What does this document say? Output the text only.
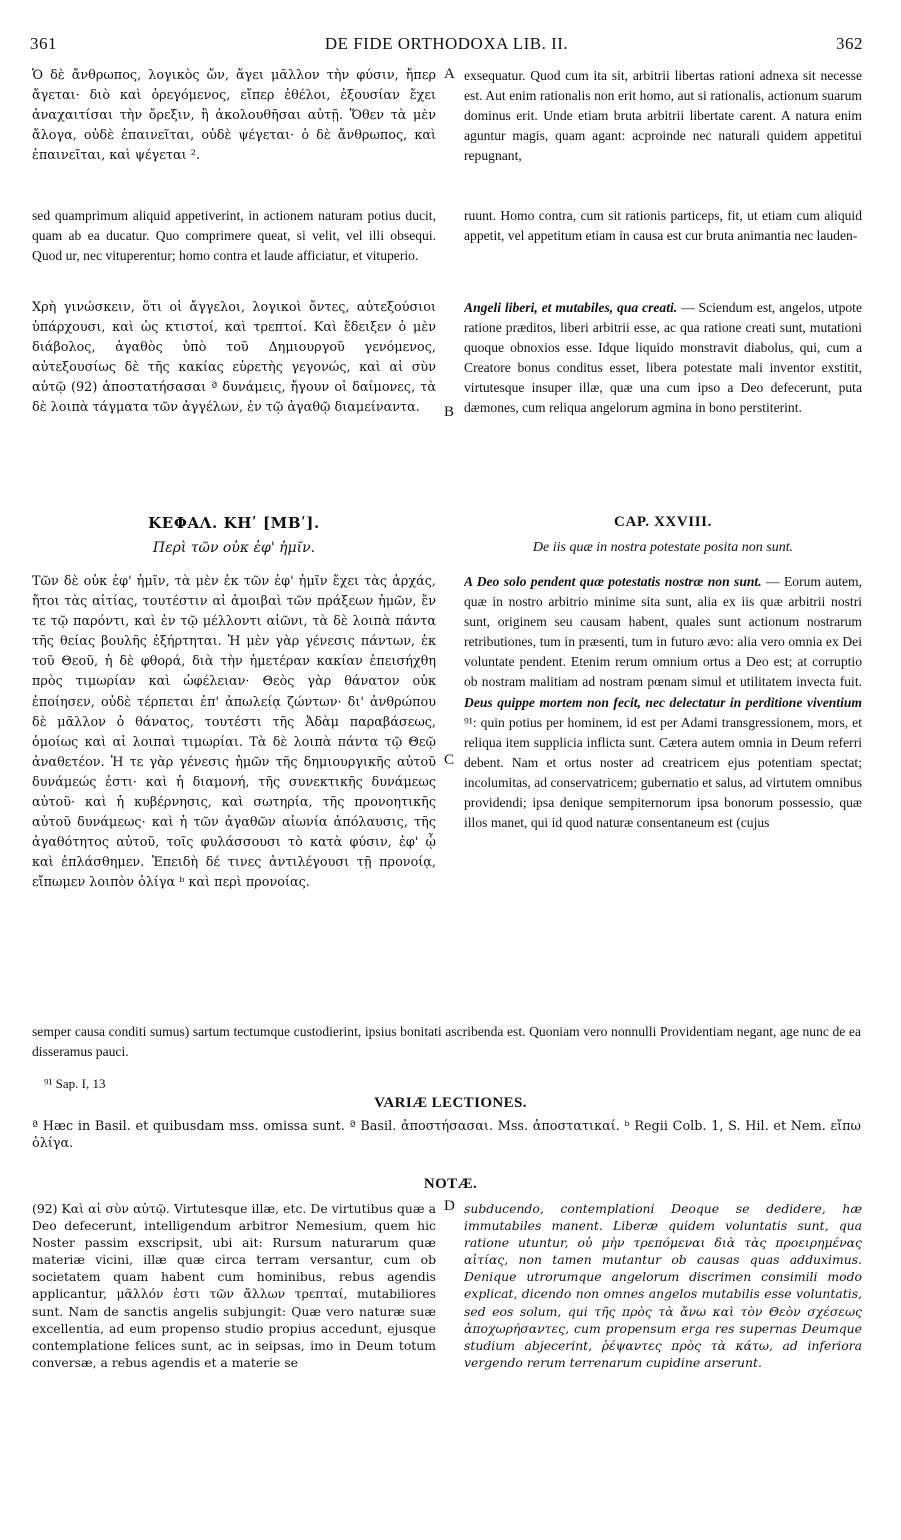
361	DE FIDE ORTHODOXA LIB. II.	362
A
B
C
D

Ὁ δὲ ἄνθρωπος, λογικὸς ὤν, ἄγει μᾶλλον τὴν φύσιν, ἤπερ ἄγεται· διὸ καὶ ὀρεγόμενος, εἴπερ ἐθέλοι, ἐξουσίαν ἔχει ἀναχαιτίσαι τὴν ὄρεξιν, ἢ ἀκολουθῆσαι αὐτῇ. Ὅθεν τὰ μὲν ἄλογα, οὐδὲ ἐπαινεῖται, οὐδὲ ψέγεται· ὁ δὲ ἄνθρωπος, καὶ ἐπαινεῖται, καὶ ψέγεται ².

exsequatur. Quod cum ita sit, arbitrii libertas rationi adnexa sit necesse est. Aut enim rationalis non erit homo, aut si rationalis, actionum suarum dominus erit. Unde etiam bruta arbitrii libertate carent. A natura enim aguntur magis, quam agant: acproinde nec naturali quidem appetitui repugnant,

sed quamprimum aliquid appetiverint, in actionem naturam potius ducit, quam ab ea ducatur. Quo comprimere queat, si velit, vel illi obsequi. Quod ur, nec vituperentur; homo contra et laude afficiatur, et vituperio.

ruunt. Homo contra, cum sit rationis particeps, fit, ut etiam cum aliquid appetit, vel appetitum etiam in causa est cur bruta animantia nec lauden-

Χρὴ γινώσκειν, ὅτι οἱ ἄγγελοι, λογικοὶ ὄντες, αὐτεξούσιοι ὑπάρχουσι, καὶ ὡς κτιστοί, καὶ τρεπτοί. Καὶ ἔδειξεν ὁ μὲν διάβολος, ἀγαθὸς ὑπὸ τοῦ Δημιουργοῦ γενόμενος, αὐτεξουσίως δὲ τῆς κακίας εὑρετὴς γεγονώς, καὶ αἱ σὺν αὐτῷ (92) ἀποστατήσασαι ª δυνάμεις, ἤγουν οἱ δαίμονες, τὰ δὲ λοιπὰ τάγματα τῶν ἀγγέλων, ἐν τῷ ἀγαθῷ διαμείναντα.

Angeli liberi, et mutabiles, qua creati. — Sciendum est, angelos, utpote ratione præditos, liberi arbitrii esse, ac qua ratione creati sunt, mutationi quoque obnoxios esse. Idque liquido monstravit diabolus, qui, cum a Creatore bonus conditus esset, libera potestate mali inventor exstitit, virtutesque insuper illæ, quæ una cum ipso a Deo defecerunt, puta dæmones, cum reliqua angelorum agmina in bono perstiterint.

ΚΕΦΑΛ. ΚΗʹ [ΜΒʹ].
Περὶ τῶν οὐκ ἐφ' ἡμῖν.
CAP. XXVIII.
De iis quæ in nostra potestate posita non sunt.

Τῶν δὲ οὐκ ἐφ' ἡμῖν, τὰ μὲν ἐκ τῶν ἐφ' ἡμῖν ἔχει τὰς ἀρχάς, ἤτοι τὰς αἰτίας, τουτέστιν αἱ ἀμοιβαὶ τῶν πράξεων ἡμῶν, ἔν τε τῷ παρόντι, καὶ ἐν τῷ μέλλοντι αἰῶνι, τὰ δὲ λοιπὰ πάντα τῆς θείας βουλῆς ἐξήρτηται. Ἡ μὲν γὰρ γένεσις πάντων, ἐκ τοῦ Θεοῦ, ἡ δὲ φθορά, διὰ τὴν ἡμετέραν κακίαν ἐπεισήχθη πρὸς τιμωρίαν καὶ ὠφέλειαν· Θεὸς γὰρ θάνατον οὐκ ἐποίησεν, οὐδὲ τέρπεται ἐπ' ἀπωλείᾳ ζώντων· δι' ἀνθρώπου δὲ μᾶλλον ὁ θάνατος, τουτέστι τῆς Ἀδὰμ παραβάσεως, ὁμοίως καὶ αἱ λοιπαὶ τιμωρίαι. Τὰ δὲ λοιπὰ πάντα τῷ Θεῷ ἀναθετέον. Ἡ τε γὰρ γένεσις ἡμῶν τῆς δημιουργικῆς αὐτοῦ δυνάμεώς ἐστι· καὶ ἡ διαμονή, τῆς συνεκτικῆς δυνάμεως αὐτοῦ· καὶ ἡ κυβέρνησις, καὶ σωτηρία, τῆς προνοητικῆς αὐτοῦ δυνάμεως· καὶ ἡ τῶν ἀγαθῶν αἰωνία ἀπόλαυσις, τῆς ἀγαθότητος αὐτοῦ, τοῖς φυλάσσουσι τὸ κατὰ φύσιν, ἐφ' ᾧ καὶ ἐπλάσθημεν. Ἐπειδὴ δέ τινες ἀντιλέγουσι τῇ προνοίᾳ, εἴπωμεν λοιπὸν ὀλίγα ᵇ καὶ περὶ προνοίας.

A Deo solo pendent quæ potestatis nostræ non sunt. — Eorum autem, quæ in nostro arbitrio minime sita sunt, alia ex iis quæ arbitrii nostri sunt, originem seu causam habent, quales sunt actionum nostrarum retributiones, tum in præsenti, tum in futuro ævo: alia vero omnia ex Dei voluntate pendent. Etenim rerum omnium ortus a Deo est; at corruptio ob nostram malitiam ad nostram pœnam simul et utilitatem invecta fuit. Deus quippe mortem non fecit, nec delectatur in perditione viventium ⁹¹: quin potius per hominem, id est per Adami transgressionem, mors, et reliqua item supplicia inflicta sunt. Cætera autem omnia in Deum referri debent. Nam et ortus noster ad creatricem ejus potentiam spectat; incolumitas, ad conservatricem; gubernatio et salus, ad virtutem omnibus providendi; ipsa denique sempiternorum ipsa bonorum possessio, quæ illos manet, qui id quod naturæ consentaneum est (cujus

semper causa conditi sumus) sartum tectumque custodierint, ipsius bonitati ascribenda est. Quoniam vero nonnulli Providentiam negant, age nunc de ea disseramus pauci.

⁹¹ Sap. I, 13
VARIÆ LECTIONES.
ª Hæc in Basil. et quibusdam mss. omissa sunt. ª Basil. ἀποστήσασαι. Mss. ἀποστατικαί. ᵇ Regii Colb. 1, S. Hil. et Nem. εἴπω ὀλίγα.
NOTÆ.

(92) Καὶ αἱ σὺν αὐτῷ. Virtutesque illæ, etc. De virtutibus quæ a Deo defecerunt, intelligendum arbitror Nemesium, quem hic Noster passim exscripsit, ubi ait: Rursum naturarum quæ materiæ vicini, illæ quæ circa terram versantur, cum ob societatem quam habent cum hominibus, rebus agendis applicantur, μᾶλλόν ἐστι τῶν ἄλλων τρεπταί, mutabiliores sunt. Nam de sanctis angelis subjungit: Quæ vero naturæ suæ excellentia, ad eum propenso studio propius accedunt, ejusque contemplatione felices sunt, ac in seipsas, imo in Deum totum conversæ, a rebus agendis et a materie se

subducendo, contemplationi Deoque se dedidere, hæ immutabiles manent. Liberæ quidem voluntatis sunt, qua ratione utuntur, οὐ μὴν τρεπόμεναι διὰ τὰς προειρημένας αἰτίας, non tamen mutantur ob causas quas adduximus. Denique utrorumque angelorum discrimen consimili modo explicat, dicendo non omnes angelos mutabilis esse voluntatis, sed eos solum, qui τῆς πρὸς τὰ ἄνω καὶ τὸν Θεὸν σχέσεως ἀποχωρήσαντες, cum propensum erga res supernas Deumque studium abjecerint, ῥέψαντες πρὸς τὰ κάτω, ad inferiora vergendo rerum terrenarum cupidine arserunt.
